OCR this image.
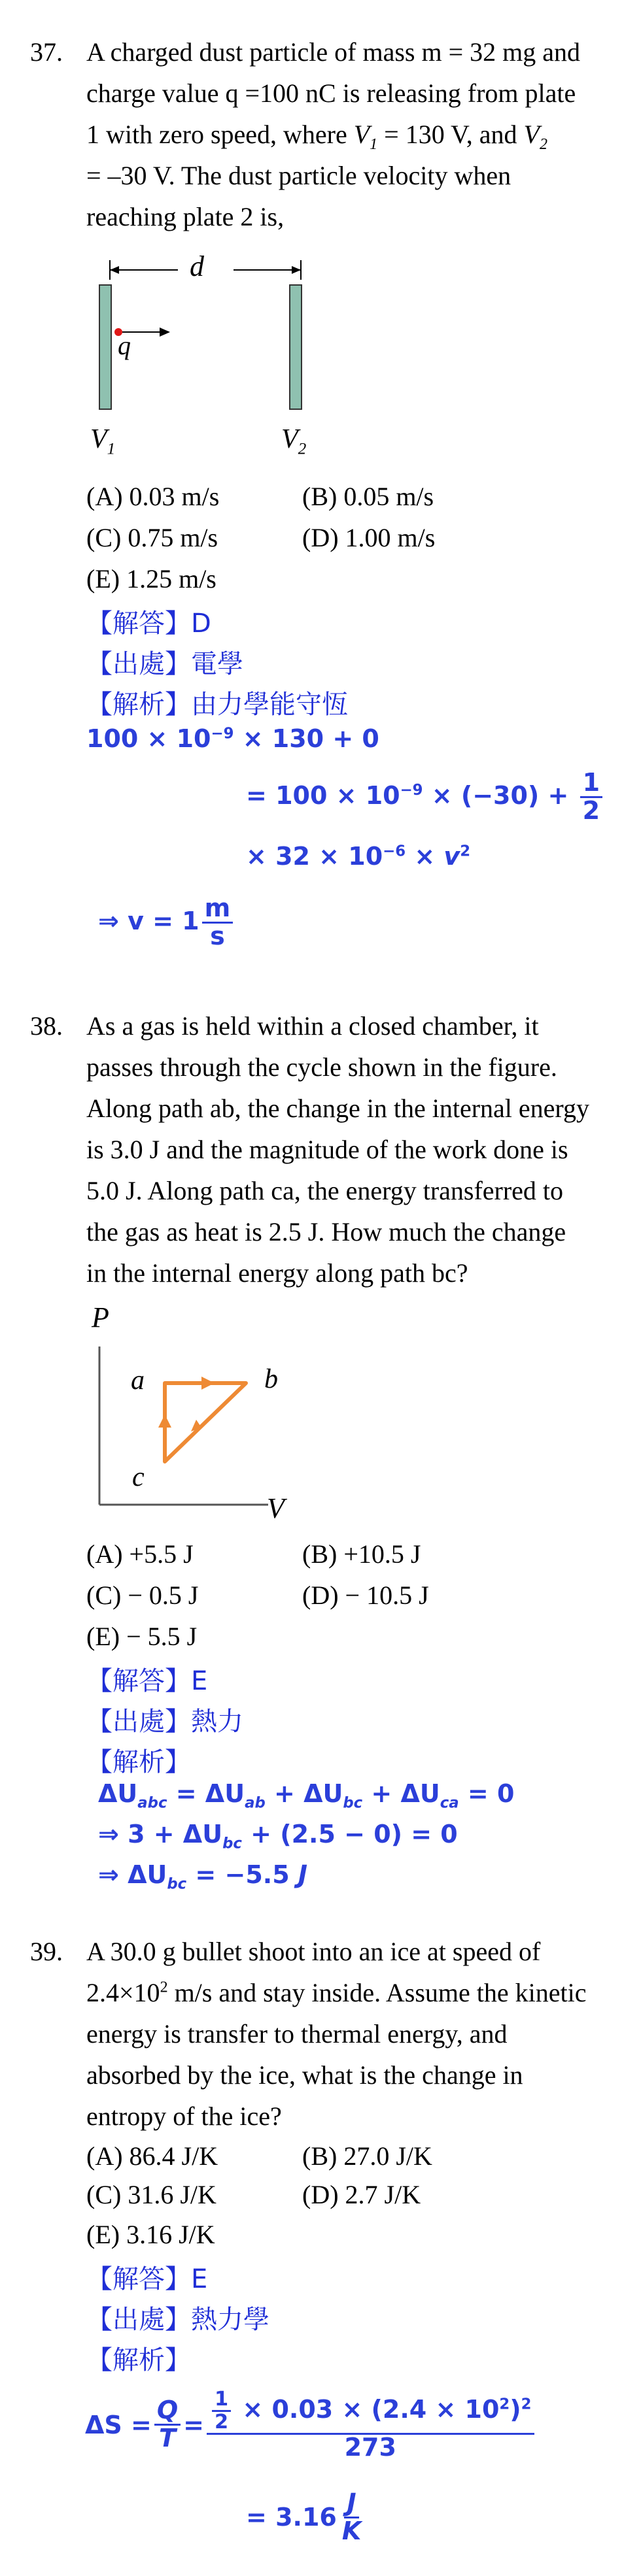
37. A charged dust particle of mass m = 32 mg and
charge value q =100 nC is releasing from plate
1 with zero speed, where $V_1 = 130$ V, and $V_2$
= –30 V. The dust particle velocity when
reaching plate 2 is,
d
q
$V_1$	$V_2$
(A) 0.03 m/s	(B) 0.05 m/s
(C) 0.75 m/s	(D) 1.00 m/s
(E) 1.25 m/s
【解答】D
【出處】電學
【解析】由力學能守恆
$100 \times 10^{-9} \times 130 + 0$
= $100 \times 10^{-9} \times (-30) + \frac{1}{2}$
× $32 \times 10^{-6} \times v^2$
⇒ $v = 1 \frac{m}{s}$
38. As a gas is held within a closed chamber, it
passes through the cycle shown in the figure.
Along path ab, the change in the internal energy
is 3.0 J and the magnitude of the work done is
5.0 J. Along path ca, the energy transferred to
the gas as heat is 2.5 J. How much the change
in the internal energy along path bc?
P
V
a	b
c
(A) +5.5 J	(B) +10.5 J
(C) − 0.5 J	(D) − 10.5 J
(E) − 5.5 J
【解答】E
【出處】熱力
【解析】
$\Delta U_{abc} = \Delta U_{ab} + \Delta U_{bc} + \Delta U_{ca} = 0$
⇒ $3 + \Delta U_{bc} + (2.5 - 0) = 0$
⇒ $\Delta U_{bc} = -5.5$ J
39. A 30.0 g bullet shoot into an ice at speed of
$2.4\times 10^2$ m/s and stay inside. Assume the kinetic
energy is transfer to thermal energy, and
absorbed by the ice, what is the change in
entropy of the ice?
(A) 86.4 J/K	(B) 27.0 J/K
(C) 31.6 J/K	(D) 2.7 J/K
(E) 3.16 J/K
【解答】E
【出處】熱力學
【解析】
$\Delta S = \frac{Q}{T} = \frac{\frac{1}{2} \times 0.03 \times (2.4 \times 10^2)^2}{273}$
= $3.16 \frac{J}{K}$
